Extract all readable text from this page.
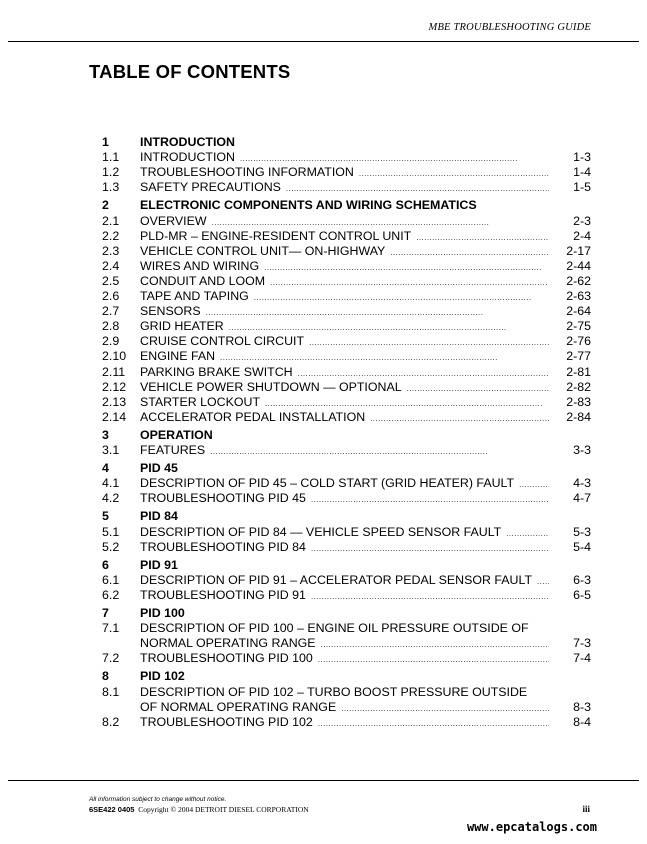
MBE TROUBLESHOOTING GUIDE
TABLE OF CONTENTS
1	INTRODUCTION
1.1 INTRODUCTION . . .	1-3
1.2 TROUBLESHOOTING INFORMATION . . .	1-4
1.3 SAFETY PRECAUTIONS . . .	1-5
2	ELECTRONIC COMPONENTS AND WIRING SCHEMATICS
2.1 OVERVIEW . . .	2-3
2.2 PLD-MR – ENGINE-RESIDENT CONTROL UNIT . . .	2-4
2.3 VEHICLE CONTROL UNIT— ON-HIGHWAY . . .	2-17
2.4 WIRES AND WIRING . . .	2-44
2.5 CONDUIT AND LOOM . . .	2-62
2.6 TAPE AND TAPING . . .	2-63
2.7 SENSORS . . .	2-64
2.8 GRID HEATER . . .	2-75
2.9 CRUISE CONTROL CIRCUIT . . .	2-76
2.10 ENGINE FAN . . .	2-77
2.11 PARKING BRAKE SWITCH . . .	2-81
2.12 VEHICLE POWER SHUTDOWN — OPTIONAL . . .	2-82
2.13 STARTER LOCKOUT . . .	2-83
2.14 ACCELERATOR PEDAL INSTALLATION . . .	2-84
3	OPERATION
3.1 FEATURES . . .	3-3
4	PID 45
4.1 DESCRIPTION OF PID 45 – COLD START (GRID HEATER) FAULT . . .	4-3
4.2 TROUBLESHOOTING PID 45 . . .	4-7
5	PID 84
5.1 DESCRIPTION OF PID 84 — VEHICLE SPEED SENSOR FAULT . . .	5-3
5.2 TROUBLESHOOTING PID 84 . . .	5-4
6	PID 91
6.1 DESCRIPTION OF PID 91 – ACCELERATOR PEDAL SENSOR FAULT . . .	6-3
6.2 TROUBLESHOOTING PID 91 . . .	6-5
7	PID 100
7.1 DESCRIPTION OF PID 100 – ENGINE OIL PRESSURE OUTSIDE OF
NORMAL OPERATING RANGE . . .	7-3
7.2 TROUBLESHOOTING PID 100 . . .	7-4
8	PID 102
8.1 DESCRIPTION OF PID 102 – TURBO BOOST PRESSURE OUTSIDE
OF NORMAL OPERATING RANGE . . .	8-3
8.2 TROUBLESHOOTING PID 102 . . .	8-4
All information subject to change without notice.
6SE422 0405 Copyright © 2004 DETROIT DIESEL CORPORATION	iii
www.epcatalogs.com
